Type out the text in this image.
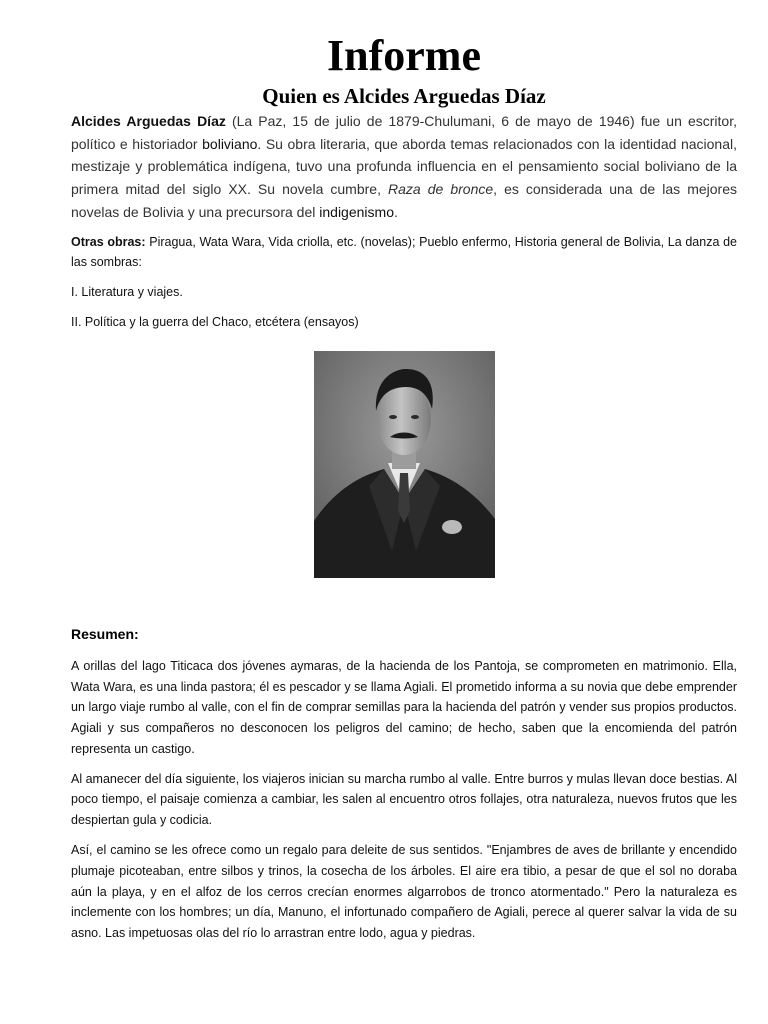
Informe
Quien es Alcides Arguedas Díaz

Alcides Arguedas Díaz (La Paz, 15 de julio de 1879-Chulumani, 6 de mayo de 1946) fue un escritor, político e historiador boliviano. Su obra literaria, que aborda temas relacionados con la identidad nacional, mestizaje y problemática indígena, tuvo una profunda influencia en el pensamiento social boliviano de la primera mitad del siglo XX. Su novela cumbre, Raza de bronce, es considerada una de las mejores novelas de Bolivia y una precursora del indigenismo.

Otras obras: Piragua, Wata Wara, Vida criolla, etc. (novelas); Pueblo enfermo, Historia general de Bolivia, La danza de las sombras:

I. Literatura y viajes.

II. Política y la guerra del Chaco, etcétera (ensayos)

Resumen:

A orillas del lago Titicaca dos jóvenes aymaras, de la hacienda de los Pantoja, se comprometen en matrimonio. Ella, Wata Wara, es una linda pastora; él es pescador y se llama Agiali. El prometido informa a su novia que debe emprender un largo viaje rumbo al valle, con el fin de comprar semillas para la hacienda del patrón y vender sus propios productos. Agiali y sus compañeros no desconocen los peligros del camino; de hecho, saben que la encomienda del patrón representa un castigo.

Al amanecer del día siguiente, los viajeros inician su marcha rumbo al valle. Entre burros y mulas llevan doce bestias. Al poco tiempo, el paisaje comienza a cambiar, les salen al encuentro otros follajes, otra naturaleza, nuevos frutos que les despiertan gula y codicia.

Así, el camino se les ofrece como un regalo para deleite de sus sentidos. "Enjambres de aves de brillante y encendido plumaje picoteaban, entre silbos y trinos, la cosecha de los árboles. El aire era tibio, a pesar de que el sol no doraba aún la playa, y en el alfoz de los cerros crecían enormes algarrobos de tronco atormentado." Pero la naturaleza es inclemente con los hombres; un día, Manuno, el infortunado compañero de Agiali, perece al querer salvar la vida de su asno. Las impetuosas olas del río lo arrastran entre lodo, agua y piedras.
